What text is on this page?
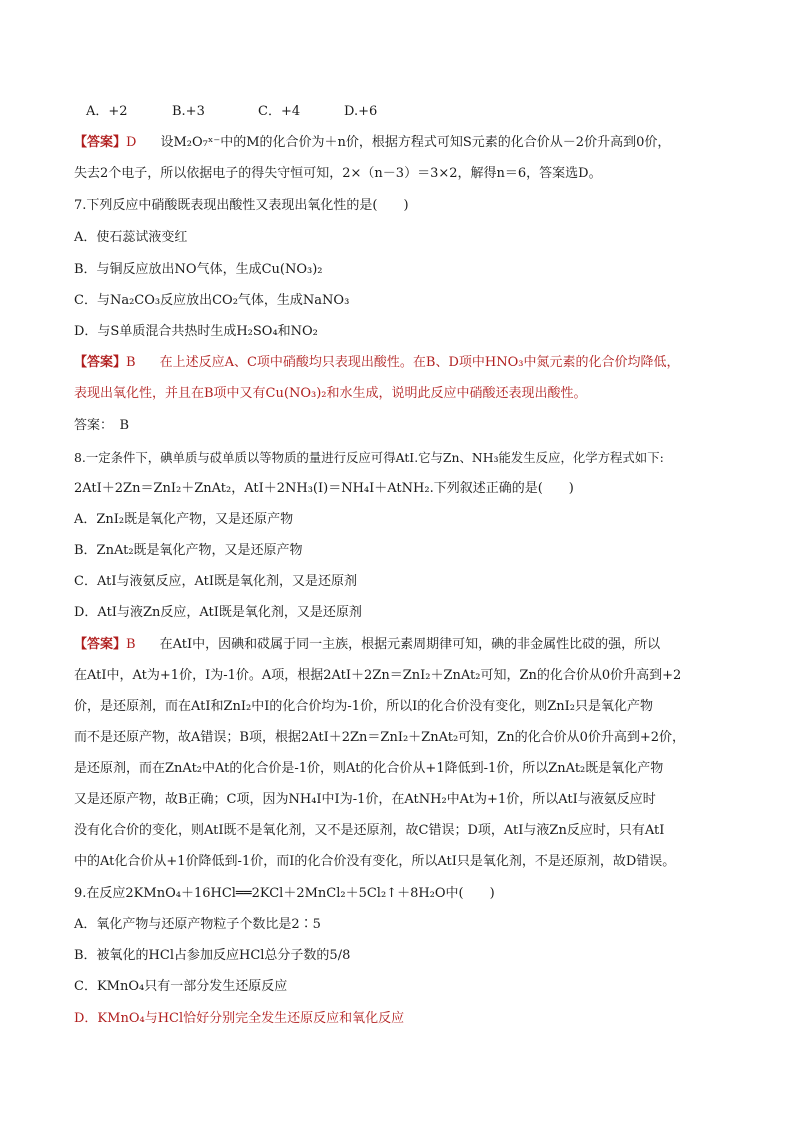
A．+2	B.+3	C．+4	D.+6
【答案】D 设M₂O₇ˣ⁻中的M的化合价为＋n价，根据方程式可知S元素的化合价从－2价升高到0价，
失去2个电子，所以依据电子的得失守恒可知，2×（n－3）＝3×2，解得n＝6，答案选D。
7.下列反应中硝酸既表现出酸性又表现出氧化性的是(　　)
A．使石蕊试液变红
B．与铜反应放出NO气体，生成Cu(NO₃)₂
C．与Na₂CO₃反应放出CO₂气体，生成NaNO₃
D．与S单质混合共热时生成H₂SO₄和NO₂
【答案】B 在上述反应A、C项中硝酸均只表现出酸性。在B、D项中HNO₃中氮元素的化合价均降低，
表现出氧化性，并且在B项中又有Cu(NO₃)₂和水生成，说明此反应中硝酸还表现出酸性。
答案：　B
8.一定条件下，碘单质与砹单质以等物质的量进行反应可得AtI.它与Zn、NH₃能发生反应，化学方程式如下:
2AtI＋2Zn＝ZnI₂＋ZnAt₂，AtI＋2NH₃(I)＝NH₄I＋AtNH₂.下列叙述正确的是(　　)
A．ZnI₂既是氧化产物，又是还原产物
B．ZnAt₂既是氧化产物，又是还原产物
C．AtI与液氨反应，AtI既是氧化剂，又是还原剂
D．AtI与液Zn反应，AtI既是氧化剂，又是还原剂
【答案】B 在AtI中，因碘和砹属于同一主族，根据元素周期律可知，碘的非金属性比砹的强，所以
在AtI中，At为+1价，I为-1价。A项，根据2AtI＋2Zn＝ZnI₂＋ZnAt₂可知，Zn的化合价从0价升高到+2
价，是还原剂，而在AtI和ZnI₂中I的化合价均为-1价，所以I的化合价没有变化，则ZnI₂只是氧化产物
而不是还原产物，故A错误；B项，根据2AtI＋2Zn＝ZnI₂＋ZnAt₂可知，Zn的化合价从0价升高到+2价，
是还原剂，而在ZnAt₂中At的化合价是-1价，则At的化合价从+1降低到-1价，所以ZnAt₂既是氧化产物
又是还原产物，故B正确；C项，因为NH₄I中I为-1价，在AtNH₂中At为+1价，所以AtI与液氨反应时
没有化合价的变化，则AtI既不是氧化剂，又不是还原剂，故C错误；D项，AtI与液Zn反应时，只有AtI
中的At化合价从+1价降低到-1价，而I的化合价没有变化，所以AtI只是氧化剂，不是还原剂，故D错误。
9.在反应2KMnO₄＋16HCl══2KCl＋2MnCl₂＋5Cl₂↑＋8H₂O中(　　)
A．氧化产物与还原产物粒子个数比是2∶5
B．被氧化的HCl占参加反应HCl总分子数的5/8
C．KMnO₄只有一部分发生还原反应
D．KMnO₄与HCl恰好分别完全发生还原反应和氧化反应
